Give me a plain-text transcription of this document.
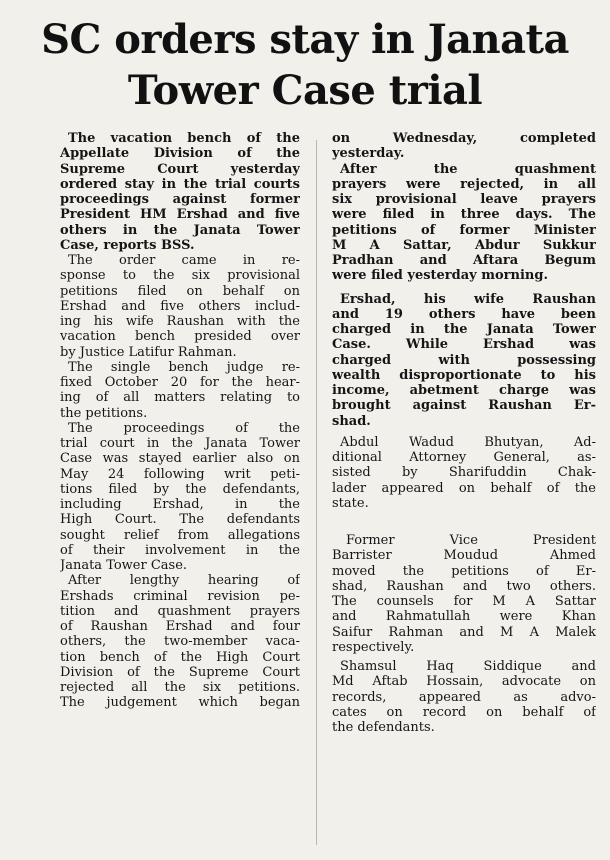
SC orders stay in Janata
Tower Case trial

The vacation bench of the
Appellate Division of the
Supreme Court yesterday
ordered stay in the trial courts
proceedings against former
President HM Ershad and five
others in the Janata Tower
Case, reports BSS.

The order came in re-
sponse to the six provisional
petitions filed on behalf on
Ershad and five others includ-
ing his wife Raushan with the
vacation bench presided over
by Justice Latifur Rahman.

The single bench judge re-
fixed October 20 for the hear-
ing of all matters relating to
the petitions.

The proceedings of the
trial court in the Janata Tower
Case was stayed earlier also on
May 24 following writ peti-
tions filed by the defendants,
including Ershad, in the
High Court. The defendants
sought relief from allegations
of their involvement in the
Janata Tower Case.

After lengthy hearing of
Ershads criminal revision pe-
tition and quashment prayers
of Raushan Ershad and four
others, the two-member vaca-
tion bench of the High Court
Division of the Supreme Court
rejected all the six petitions.
The judgement which began

on Wednesday, completed
yesterday.

After the quashment
prayers were rejected, in all
six provisional leave prayers
were filed in three days. The
petitions of former Minister
M A Sattar, Abdur Sukkur
Pradhan and Aftara Begum
were filed yesterday morning.

Ershad, his wife Raushan
and 19 others have been
charged in the Janata Tower
Case. While Ershad was
charged with possessing
wealth disproportionate to his
income, abetment charge was
brought against Raushan Er-
shad.

Abdul Wadud Bhutyan, Ad-
ditional Attorney General, as-
sisted by Sharifuddin Chak-
lader appeared on behalf of the
state.

Former Vice President
Barrister Moudud Ahmed
moved the petitions of Er-
shad, Raushan and two others.
The counsels for M A Sattar
and Rahmatullah were Khan
Saifur Rahman and M A Malek
respectively.

Shamsul Haq Siddique and
Md Aftab Hossain, advocate on
records, appeared as advo-
cates on record on behalf of
the defendants.
